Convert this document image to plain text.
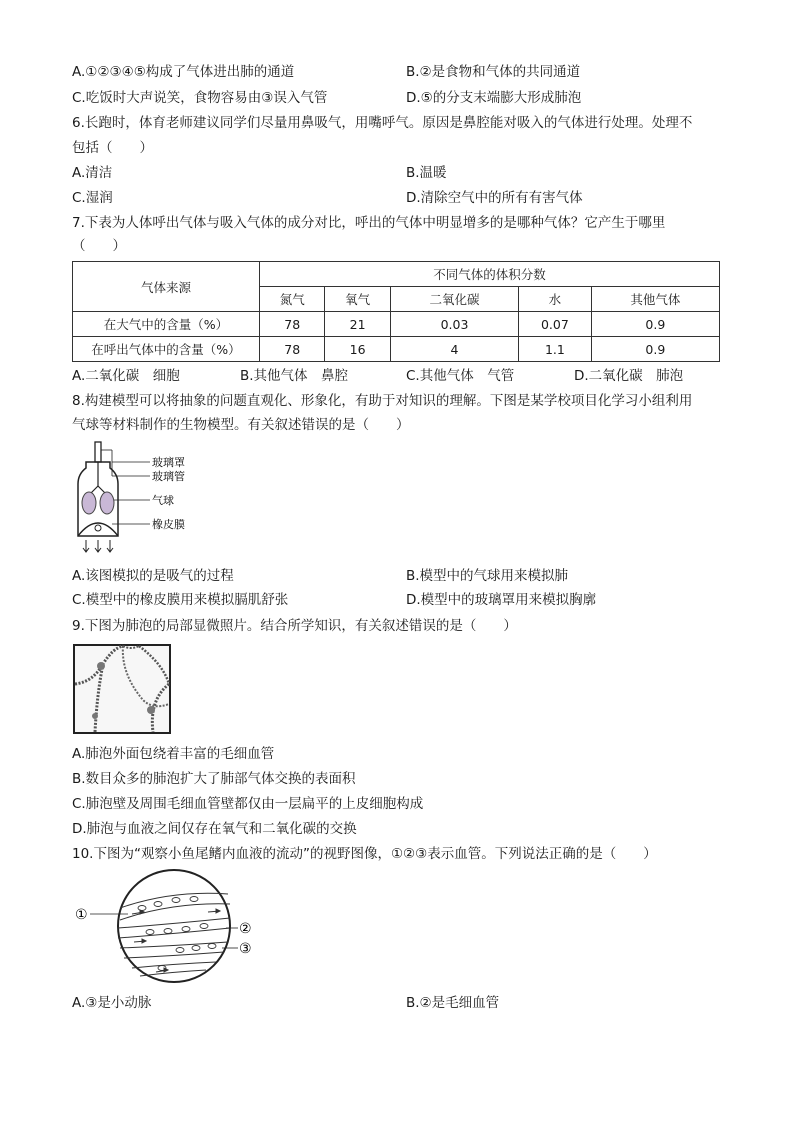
A.①②③④⑤构成了气体进出肺的通道	B.②是食物和气体的共同通道
C.吃饭时大声说笑，食物容易由③误入气管	D.⑤的分支末端膨大形成肺泡
6.长跑时，体育老师建议同学们尽量用鼻吸气，用嘴呼气。原因是鼻腔能对吸入的气体进行处理。处理不
包括（　　）
A.清洁	B.温暖
C.湿润	D.清除空气中的所有有害气体
7.下表为人体呼出气体与吸入气体的成分对比，呼出的气体中明显增多的是哪种气体？它产生于哪里
（　　）
气体来源	不同气体的体积分数				
	氮气	氧气	二氧化碳	水	其他气体
在大气中的含量（%）	78	21	0.03	0.07	0.9
在呼出气体中的含量（%）	78	16	4	1.1	0.9
A.二氧化碳　细胞	B.其他气体　鼻腔	C.其他气体　气管	D.二氧化碳　肺泡
8.构建模型可以将抽象的问题直观化、形象化，有助于对知识的理解。下图是某学校项目化学习小组利用
气球等材料制作的生物模型。有关叙述错误的是（　　）
玻璃罩
玻璃管
气球
橡皮膜
A.该图模拟的是吸气的过程	B.模型中的气球用来模拟肺
C.模型中的橡皮膜用来模拟膈肌舒张	D.模型中的玻璃罩用来模拟胸廓
9.下图为肺泡的局部显微照片。结合所学知识，有关叙述错误的是（　　）
A.肺泡外面包绕着丰富的毛细血管
B.数目众多的肺泡扩大了肺部气体交换的表面积
C.肺泡壁及周围毛细血管壁都仅由一层扁平的上皮细胞构成
D.肺泡与血液之间仅存在氧气和二氧化碳的交换
10.下图为“观察小鱼尾鳍内血液的流动”的视野图像，①②③表示血管。下列说法正确的是（　　）
①
②
③
A.③是小动脉	B.②是毛细血管
